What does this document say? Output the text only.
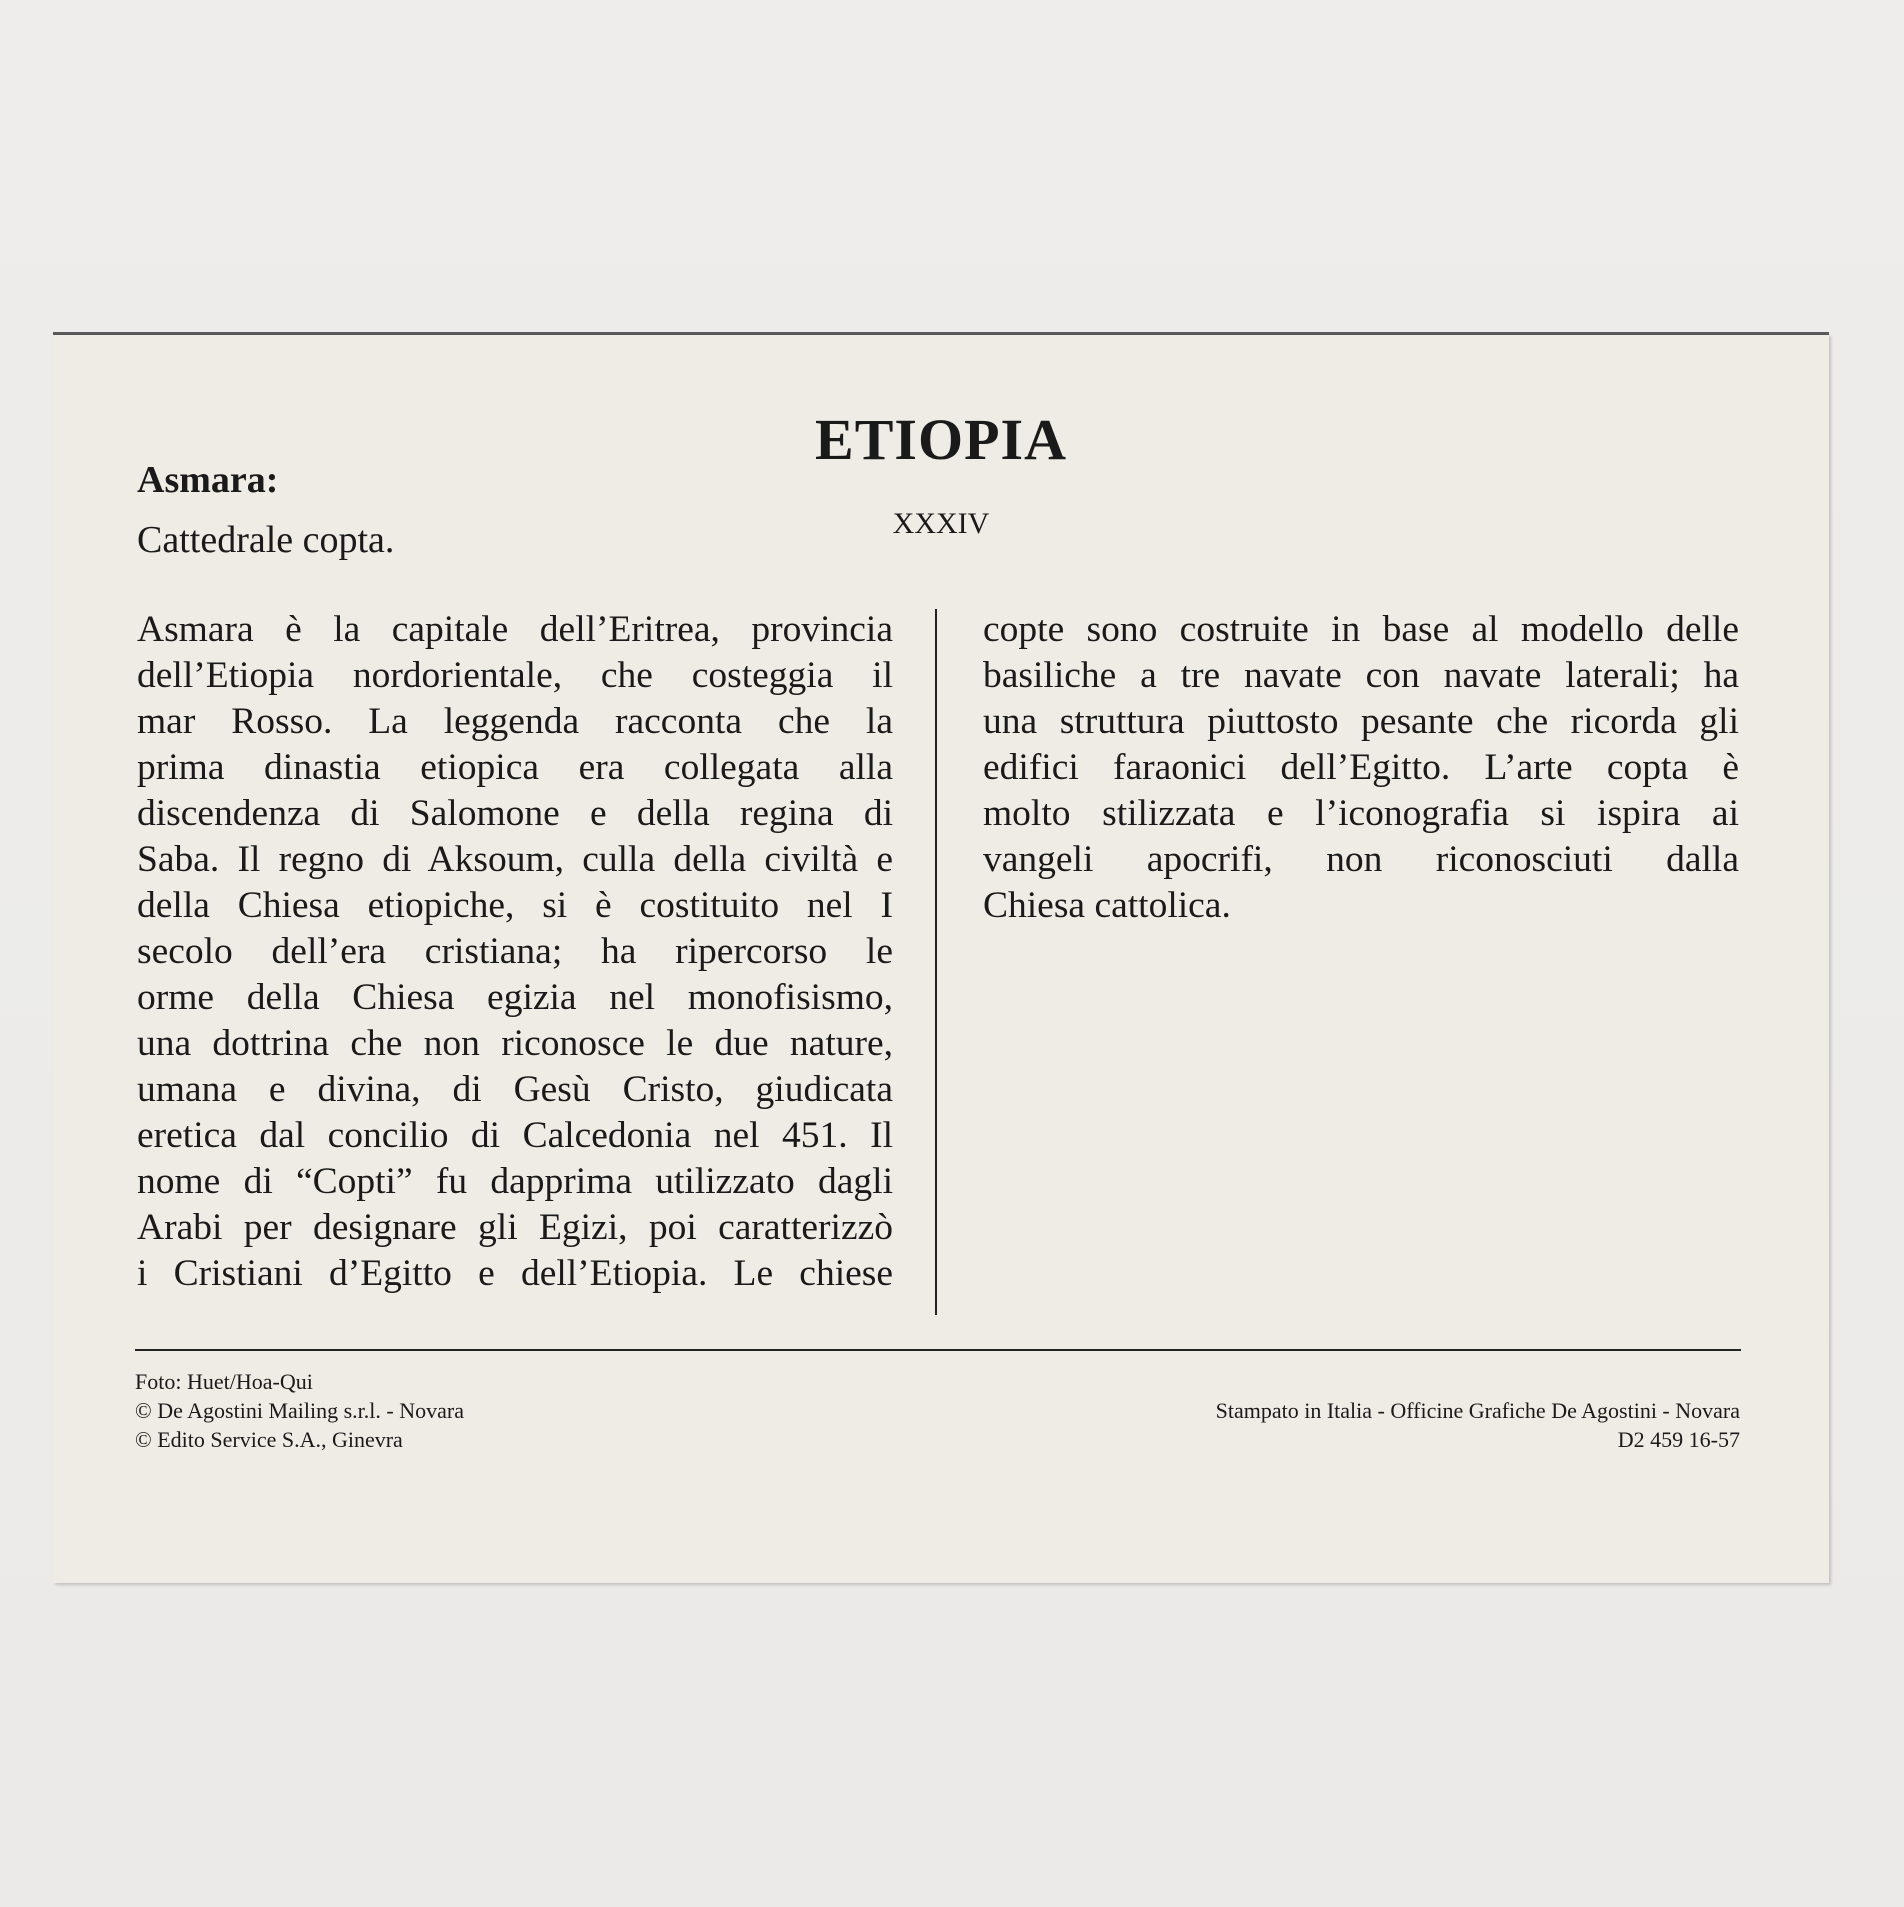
ETIOPIA

XXXIV

Asmara:

Cattedrale copta.

Asmara è la capitale dell’Eritrea, provincia
dell’Etiopia nordorientale, che costeggia il
mar Rosso. La leggenda racconta che la
prima dinastia etiopica era collegata alla
discendenza di Salomone e della regina di
Saba. Il regno di Aksoum, culla della civiltà e
della Chiesa etiopiche, si è costituito nel I
secolo dell’era cristiana; ha ripercorso le
orme della Chiesa egizia nel monofisismo,
una dottrina che non riconosce le due nature,
umana e divina, di Gesù Cristo, giudicata
eretica dal concilio di Calcedonia nel 451. Il
nome di “Copti” fu dapprima utilizzato dagli
Arabi per designare gli Egizi, poi caratterizzò
i Cristiani d’Egitto e dell’Etiopia. Le chiese
copte sono costruite in base al modello delle
basiliche a tre navate con navate laterali; ha
una struttura piuttosto pesante che ricorda gli
edifici faraonici dell’Egitto. L’arte copta è
molto stilizzata e l’iconografia si ispira ai
vangeli apocrifi, non riconosciuti dalla
Chiesa cattolica.
Foto: Huet/Hoa-Qui
© De Agostini Mailing s.r.l. - Novara
© Edito Service S.A., Ginevra
Stampato in Italia - Officine Grafiche De Agostini - Novara
D2 459 16-57
